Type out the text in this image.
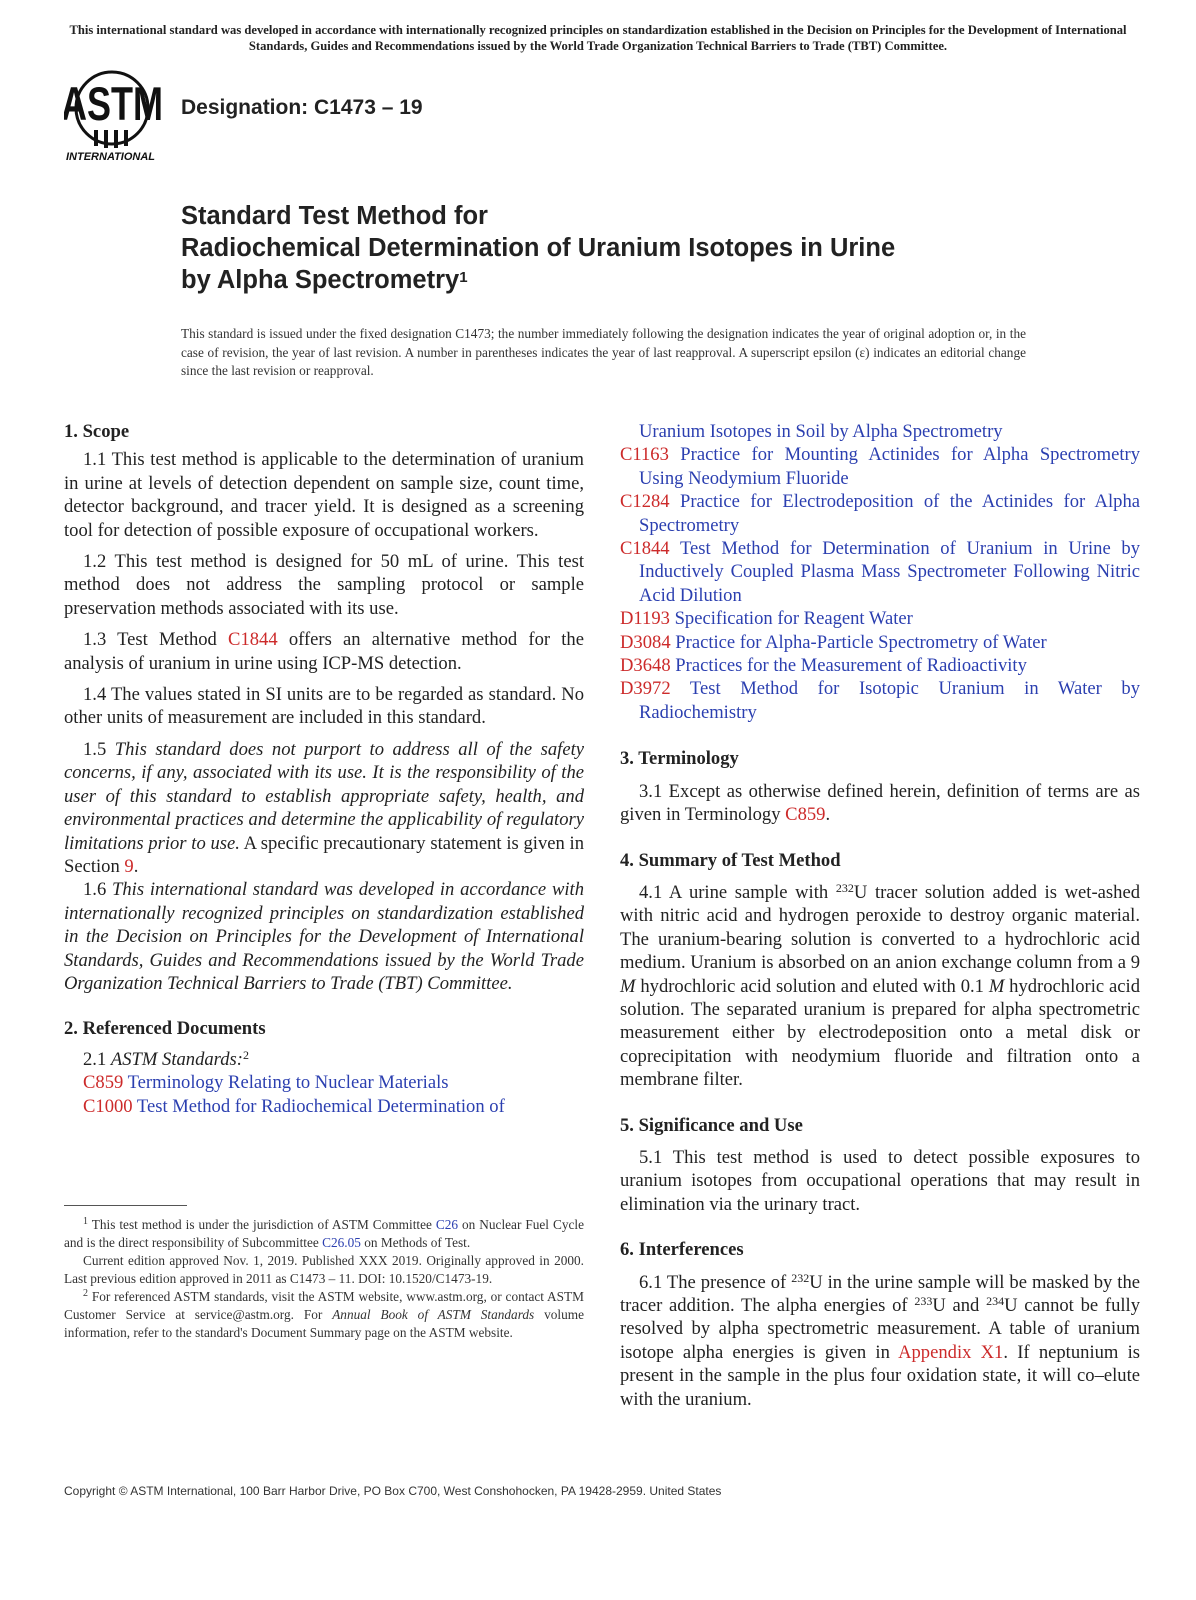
This international standard was developed in accordance with internationally recognized principles on standardization established in the Decision on Principles for the Development of International Standards, Guides and Recommendations issued by the World Trade Organization Technical Barriers to Trade (TBT) Committee.
ASTM
INTERNATIONAL
Designation: C1473 – 19
Standard Test Method for
Radiochemical Determination of Uranium Isotopes in Urine
by Alpha Spectrometry$^1$
This standard is issued under the fixed designation C1473; the number immediately following the designation indicates the year of original adoption or, in the case of revision, the year of last revision. A number in parentheses indicates the year of last reapproval. A superscript epsilon (ε) indicates an editorial change since the last revision or reapproval.

1. Scope

1.1 This test method is applicable to the determination of uranium in urine at levels of detection dependent on sample size, count time, detector background, and tracer yield. It is designed as a screening tool for detection of possible exposure of occupational workers.

1.2 This test method is designed for 50 mL of urine. This test method does not address the sampling protocol or sample preservation methods associated with its use.

1.3 Test Method C1844 offers an alternative method for the analysis of uranium in urine using ICP-MS detection.

1.4 The values stated in SI units are to be regarded as standard. No other units of measurement are included in this standard.

1.5 This standard does not purport to address all of the safety concerns, if any, associated with its use. It is the responsibility of the user of this standard to establish appropriate safety, health, and environmental practices and determine the applicability of regulatory limitations prior to use. A specific precautionary statement is given in Section 9.

1.6 This international standard was developed in accordance with internationally recognized principles on standardization established in the Decision on Principles for the Development of International Standards, Guides and Recommendations issued by the World Trade Organization Technical Barriers to Trade (TBT) Committee.

2. Referenced Documents

2.1 ASTM Standards:$^2$

C859 Terminology Relating to Nuclear Materials

C1000 Test Method for Radiochemical Determination of

$^1$ This test method is under the jurisdiction of ASTM Committee C26 on Nuclear Fuel Cycle and is the direct responsibility of Subcommittee C26.05 on Methods of Test.

Current edition approved Nov. 1, 2019. Published XXX 2019. Originally approved in 2000. Last previous edition approved in 2011 as C1473 – 11. DOI: 10.1520/C1473-19.

$^2$ For referenced ASTM standards, visit the ASTM website, www.astm.org, or contact ASTM Customer Service at service@astm.org. For Annual Book of ASTM Standards volume information, refer to the standard's Document Summary page on the ASTM website.

Uranium Isotopes in Soil by Alpha Spectrometry

C1163 Practice for Mounting Actinides for Alpha Spectrometry Using Neodymium Fluoride

C1284 Practice for Electrodeposition of the Actinides for Alpha Spectrometry

C1844 Test Method for Determination of Uranium in Urine by Inductively Coupled Plasma Mass Spectrometer Following Nitric Acid Dilution

D1193 Specification for Reagent Water

D3084 Practice for Alpha-Particle Spectrometry of Water

D3648 Practices for the Measurement of Radioactivity

D3972 Test Method for Isotopic Uranium in Water by Radiochemistry

3. Terminology

3.1 Except as otherwise defined herein, definition of terms are as given in Terminology C859.

4. Summary of Test Method

4.1 A urine sample with $^{232}$U tracer solution added is wet-ashed with nitric acid and hydrogen peroxide to destroy organic material. The uranium-bearing solution is converted to a hydrochloric acid medium. Uranium is absorbed on an anion exchange column from a 9 M hydrochloric acid solution and eluted with 0.1 M hydrochloric acid solution. The separated uranium is prepared for alpha spectrometric measurement either by electrodeposition onto a metal disk or coprecipitation with neodymium fluoride and filtration onto a membrane filter.

5. Significance and Use

5.1 This test method is used to detect possible exposures to uranium isotopes from occupational operations that may result in elimination via the urinary tract.

6. Interferences

6.1 The presence of $^{232}$U in the urine sample will be masked by the tracer addition. The alpha energies of $^{233}$U and $^{234}$U cannot be fully resolved by alpha spectrometric measurement. A table of uranium isotope alpha energies is given in Appendix X1. If neptunium is present in the sample in the plus four oxidation state, it will co–elute with the uranium.

Copyright © ASTM International, 100 Barr Harbor Drive, PO Box C700, West Conshohocken, PA 19428-2959. United States
